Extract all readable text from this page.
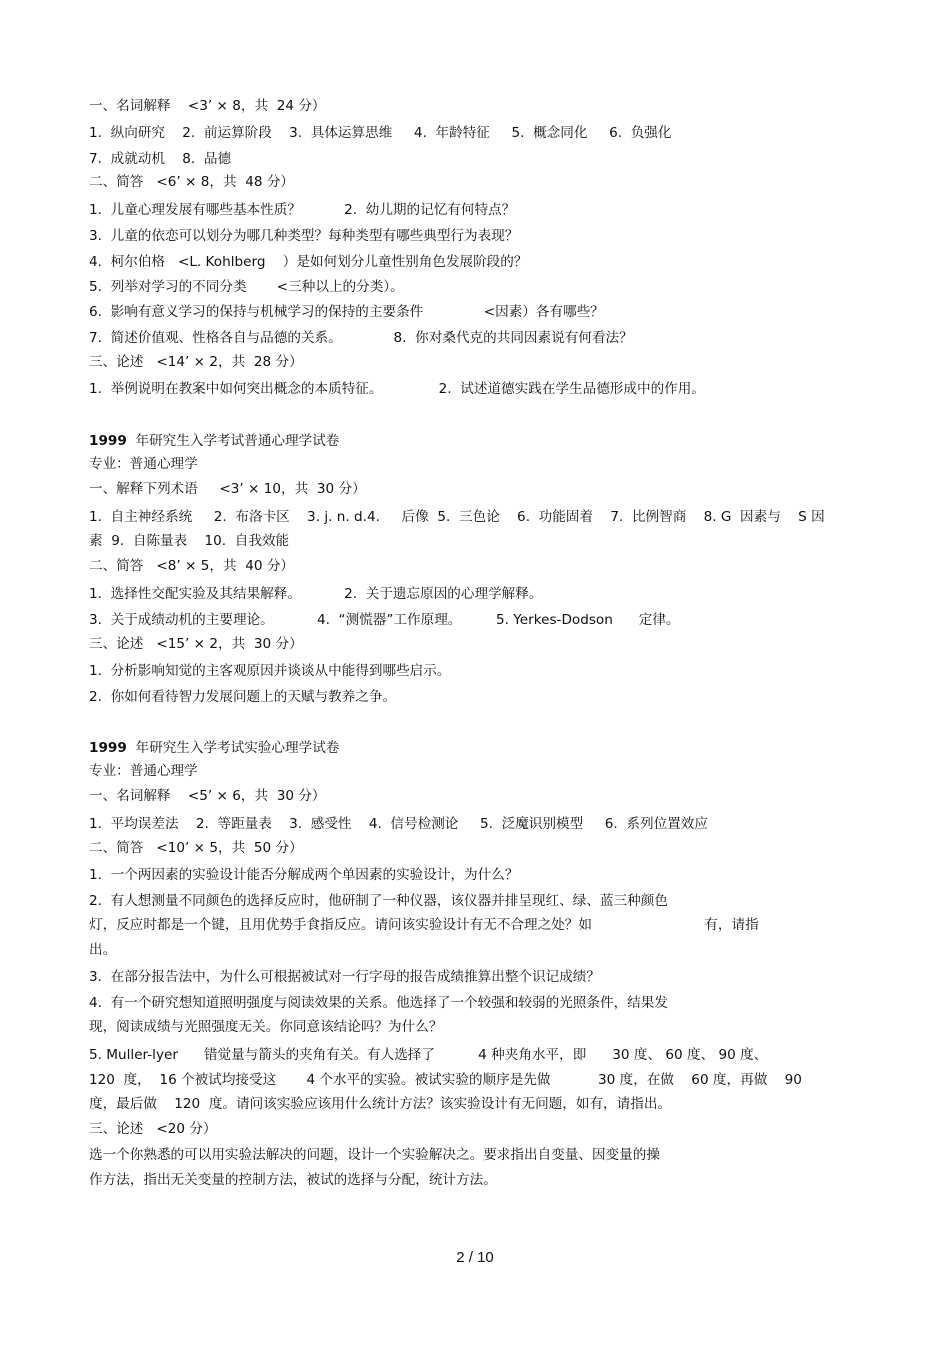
一、名词解释    <3’ × 8，共  24 分）

1.  纵向研究    2.  前运算阶段    3.  具体运算思维     4.  年龄特征     5.  概念同化     6.  负强化

7.  成就动机    8.  品德

二、简答   <6’ × 8，共  48 分）

1.  儿童心理发展有哪些基本性质？          2.  幼儿期的记忆有何特点？

3.  儿童的依恋可以划分为哪几种类型？每种类型有哪些典型行为表现？

4.  柯尔伯格   <L. Kohlberg    ）是如何划分儿童性别角色发展阶段的？

5.  列举对学习的不同分类       <三种以上的分类）。

6.  影响有意义学习的保持与机械学习的保持的主要条件              <因素）各有哪些？

7.  简述价值观、性格各自与品德的关系。            8.  你对桑代克的共同因素说有何看法？

三、论述   <14’ × 2，共  28 分）

1.  举例说明在教案中如何突出概念的本质特征。             2.  试述道德实践在学生品德形成中的作用。

1999  年研究生入学考试普通心理学试卷

专业：普通心理学

一、解释下列术语     <3’ × 10，共  30 分）

1.  自主神经系统     2.  布洛卡区    3. j. n. d.4.     后像  5.  三色论    6.  功能固着    7.  比例智商    8. G  因素与    S 因

素  9.  自陈量表    10.  自我效能

二、简答   <8’ × 5，共  40 分）

1.  选择性交配实验及其结果解释。          2.  关于遗忘原因的心理学解释。

3.  关于成绩动机的主要理论。          4.  “测慌器”工作原理。        5. Yerkes-Dodson      定律。

三、论述   <15’ × 2，共  30 分）

1.  分析影响知觉的主客观原因并谈谈从中能得到哪些启示。

2.  你如何看待智力发展问题上的天赋与教养之争。

1999  年研究生入学考试实验心理学试卷

专业：普通心理学

一、名词解释    <5’ × 6，共  30 分）

1.  平均误差法    2.  等距量表    3.  感受性    4.  信号检测论     5.  泛魔识别模型     6.  系列位置效应

二、简答   <10’ × 5，共  50 分）

1.  一个两因素的实验设计能否分解成两个单因素的实验设计，为什么？

2.  有人想测量不同颜色的选择反应时，他研制了一种仪器，该仪器并排呈现红、绿、蓝三种颜色

灯，反应时都是一个键，且用优势手食指反应。请问该实验设计有无不合理之处？如                          有，请指

出。

3.  在部分报告法中，为什么可根据被试对一行字母的报告成绩推算出整个识记成绩？

4.  有一个研究想知道照明强度与阅读效果的关系。他选择了一个较强和较弱的光照条件，结果发

现，阅读成绩与光照强度无关。你同意该结论吗？为什么？

5. Muller-lyer      错觉量与箭头的夹角有关。有人选择了          4 种夹角水平，即      30 度、 60 度、 90 度、

120  度，  16 个被试均接受这       4 个水平的实验。被试实验的顺序是先做           30 度，在做    60 度，再做    90

度，最后做    120  度。请问该实验应该用什么统计方法？该实验设计有无问题，如有，请指出。

三、论述   <20 分）

选一个你熟悉的可以用实验法解决的问题，设计一个实验解决之。要求指出自变量、因变量的操

作方法，指出无关变量的控制方法，被试的选择与分配，统计方法。

2 / 10
